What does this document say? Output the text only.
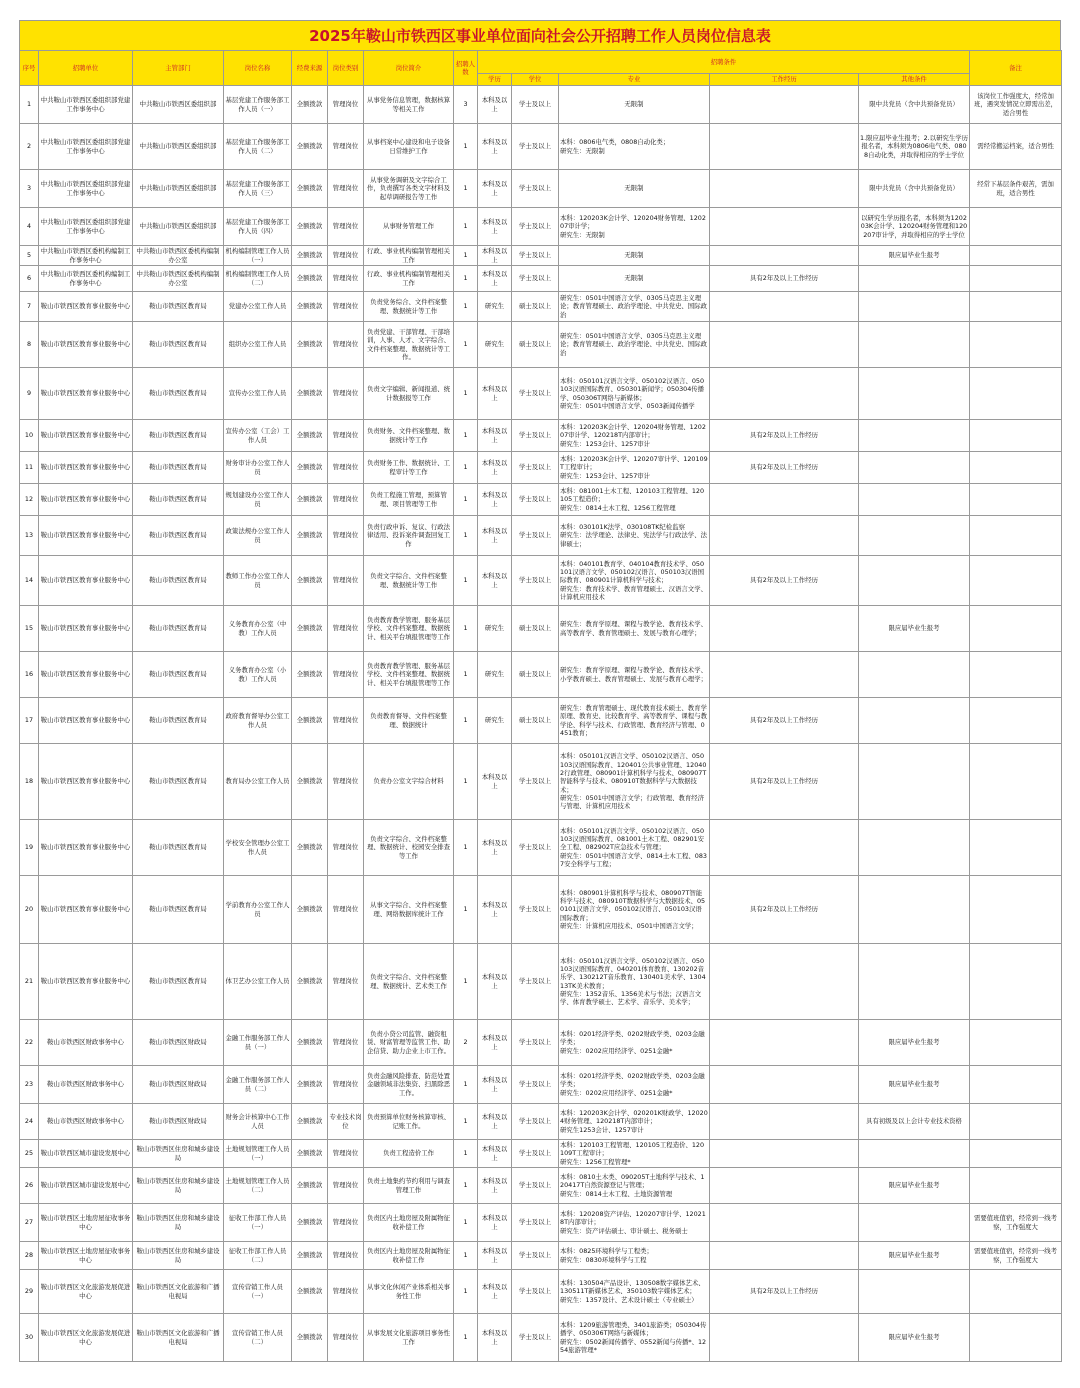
2025年鞍山市铁西区事业单位面向社会公开招聘工作人员岗位信息表
序号	招聘单位	主管部门	岗位名称	经费来源	岗位类别	岗位简介	招聘人数	招聘条件					备注
								学历	学位	专业	工作经历	其他条件	
1	中共鞍山市铁西区委组织部党建工作事务中心	中共鞍山市铁西区委组织部	基层党建工作服务部工作人员（一）	全额拨款	管理岗位	从事党务信息管理，数据核算等相关工作	3	本科及以上	学士及以上	无限制		限中共党员（含中共预备党员）	该岗位工作强度大，经常加班，遇突发情况立即需出差，适合男性
2	中共鞍山市铁西区委组织部党建工作事务中心	中共鞍山市铁西区委组织部	基层党建工作服务部工作人员（二）	全额拨款	管理岗位	从事档案中心建设和电子设备日常维护工作	1	本科及以上	学士及以上	本科：0806电气类，0808自动化类；
研究生：无限制		1.限应届毕业生报考；2.以研究生学历报名者，本科须为0806电气类、0808自动化类，并取得相应的学士学位	需经常搬运档案，适合男性
3	中共鞍山市铁西区委组织部党建工作事务中心	中共鞍山市铁西区委组织部	基层党建工作服务部工作人员（三）	全额拨款	管理岗位	从事党务调研及文字综合工作，负责撰写各类文字材料及起草调研报告等工作	1	本科及以上	学士及以上	无限制		限中共党员（含中共预备党员）	经常下基层条件艰苦，需加班，适合男性
4	中共鞍山市铁西区委组织部党建工作事务中心	中共鞍山市铁西区委组织部	基层党建工作服务部工作人员（四）	全额拨款	管理岗位	从事财务管理工作	1	本科及以上	学士及以上	本科：120203K会计学、120204财务管理、120207审计学；
研究生：无限制		以研究生学历报名者，本科须为120203K会计学、120204财务管理和120207审计学，并取得相应的学士学位	
5	中共鞍山市铁西区委机构编制工作事务中心	中共鞍山市铁西区委机构编制办公室	机构编制管理工作人员（一）	全额拨款	管理岗位	行政、事业机构编制管理相关工作	1	本科及以上	学士及以上	无限制		限应届毕业生报考	
6	中共鞍山市铁西区委机构编制工作事务中心	中共鞍山市铁西区委机构编制办公室	机构编制管理工作人员（二）	全额拨款	管理岗位	行政、事业机构编制管理相关工作	1	本科及以上	学士及以上	无限制	具有2年及以上工作经历		
7	鞍山市铁西区教育事业服务中心	鞍山市铁西区教育局	党建办公室工作人员	全额拨款	管理岗位	负责党务综合、文件档案整理、数据统计等工作	1	研究生	硕士及以上	研究生：0501中国语言文学、0305马克思主义理论；教育管理硕士、政治学理论、中共党史、国际政治			

8	鞍山市铁西区教育事业服务中心	鞍山市铁西区教育局	组织办公室工作人员	全额拨款	管理岗位	负责党建、干部管理、干部培训，人事、人才、文字综合、文件档案整理、数据统计等工作。	1	研究生	硕士及以上	研究生：0501中国语言文学、0305马克思主义理论；教育管理硕士、政治学理论、中共党史、国际政治			

9	鞍山市铁西区教育事业服务中心	鞍山市铁西区教育局	宣传办公室工作人员	全额拨款	管理岗位	负责文字编辑、新闻报道、统计数据报等工作	1	本科及以上	学士及以上	本科：050101汉语言文学、050102汉语言、050103汉语国际教育、050301新闻学；050304传播学、050306T网络与新媒体；
研究生：0501中国语言文学、0503新闻传播学			

10	鞍山市铁西区教育事业服务中心	鞍山市铁西区教育局	宣传办公室（工会）工作人员	全额拨款	管理岗位	负责财务、文件档案整理、数据统计等工作	1	本科及以上	学士及以上	本科：120203K会计学、120204财务管理、120207审计学、120218T内部审计；
研究生：1253会计、1257审计	具有2年及以上工作经历		
11	鞍山市铁西区教育事业服务中心	鞍山市铁西区教育局	财务审计办公室工作人员	全额拨款	管理岗位	负责财务工作、数据统计、工程审计等工作	1	本科及以上	学士及以上	本科：120203K会计学、120207审计学、120109T工程审计；
研究生：1253会计、1257审计	具有2年及以上工作经历		
12	鞍山市铁西区教育事业服务中心	鞍山市铁西区教育局	规划建设办公室工作人员	全额拨款	管理岗位	负责工程施工管理，预算管理、项目管理等工作	1	本科及以上	学士及以上	本科：081001土木工程、120103工程管理、120105工程造价；
研究生：0814土木工程、1256工程管理			

13	鞍山市铁西区教育事业服务中心	鞍山市铁西区教育局	政策法规办公室工作人员	全额拨款	管理岗位	负责行政申诉、复议、行政法律适用、投诉案件调查回复工作	1	本科及以上	学士及以上	本科：030101K法学、030108TK纪检监察
研究生：法学理论、法律史、宪法学与行政法学、法律硕士；			

14	鞍山市铁西区教育事业服务中心	鞍山市铁西区教育局	教师工作办公室工作人员	全额拨款	管理岗位	负责文字综合、文件档案整理、数据统计等工作	1	本科及以上	学士及以上	本科：040101教育学、040104教育技术学、050101汉语言文学、050102汉语言、050103汉语国际教育、080901计算机科学与技术；
研究生：教育技术学、教育管理硕士、汉语言文学、计算机应用技术	具有2年及以上工作经历		
15	鞍山市铁西区教育事业服务中心	鞍山市铁西区教育局	义务教育办公室（中教）工作人员	全额拨款	管理岗位	负责教育教学管理、服务基层学校、文件档案整理、数据统计、相关平台填报管理等工作	1	研究生	硕士及以上	研究生：教育学原理、课程与教学论、教育技术学、高等教育学、教育管理硕士、发展与教育心理学；		限应届毕业生报考	
16	鞍山市铁西区教育事业服务中心	鞍山市铁西区教育局	义务教育办公室（小教）工作人员	全额拨款	管理岗位	负责教育教学管理、服务基层学校、文件档案整理、数据统计、相关平台填报管理等工作	1	研究生	硕士及以上	研究生：教育学原理、课程与教学论、教育技术学、小学教育硕士、教育管理硕士、发展与教育心理学；			

17	鞍山市铁西区教育事业服务中心	鞍山市铁西区教育局	政府教育督导办公室工作人员	全额拨款	管理岗位	负责教育督导、文件档案整理、数据统计	1	研究生	硕士及以上	研究生：教育管理硕士、现代教育技术硕士、教育学原理、教育史、比较教育学、高等教育学、课程与教学论、科学与技术、行政管理、教育经济与管理、0451教育；	具有2年及以上工作经历		
18	鞍山市铁西区教育事业服务中心	鞍山市铁西区教育局	教育局办公室工作人员	全额拨款	管理岗位	负责办公室文字综合材料	1	本科及以上	学士及以上	本科：050101汉语言文学、050102汉语言、050103汉语国际教育、120401公共事业管理、120402行政管理、080901计算机科学与技术、080907T智能科学与技术、080910T数据科学与大数据技术；
研究生：0501中国语言文学；行政管理、教育经济与管理、计算机应用技术	具有2年及以上工作经历		
19	鞍山市铁西区教育事业服务中心	鞍山市铁西区教育局	学校安全管理办公室工作人员	全额拨款	管理岗位	负责文字综合、文件档案整理、数据统计、校园安全排查等工作	1	本科及以上	学士及以上	本科：050101汉语言文学、050102汉语言、050103汉语国际教育、081001土木工程、082901安全工程、082902T应急技术与管理；
研究生：0501中国语言文学、0814土木工程、0837安全科学与工程；			

20	鞍山市铁西区教育事业服务中心	鞍山市铁西区教育局	学前教育办公室工作人员	全额拨款	管理岗位	从事文字综合、文件档案整理、网络数据库统计工作	1	本科及以上	学士及以上	本科：080901计算机科学与技术、080907T智能科学与技术、080910T数据科学与大数据技术、050101汉语言文学、050102汉语言、050103汉语国际教育；
研究生：计算机应用技术、0501中国语言文学；	具有2年及以上工作经历		
21	鞍山市铁西区教育事业服务中心	鞍山市铁西区教育局	体卫艺办公室工作人员	全额拨款	管理岗位	负责文字综合、文件档案整理、数据统计、艺术类工作	1	本科及以上	学士及以上	本科：050101汉语言文学、050102汉语言、050103汉语国际教育、040201体育教育、130202音乐学、130212T音乐教育、130401美术学、130413TK美术教育；
研究生：1352音乐、1356美术与书法；汉语言文学、体育教学硕士、艺术学、音乐学、美术学；			

22	鞍山市铁西区财政事务中心	鞍山市铁西区财政局	金融工作服务部工作人员（一）	全额拨款	管理岗位	负责小贷公司监管、融资租赁、财富管理等监管工作、助企信贷、助力企业上市工作。	2	本科及以上	学士及以上	本科：0201经济学类、0202财政学类、0203金融学类；
研究生：0202应用经济学、0251金融*		限应届毕业生报考	
23	鞍山市铁西区财政事务中心	鞍山市铁西区财政局	金融工作服务部工作人员（二）	全额拨款	管理岗位	负责金融风险排查、防范处置金融领域非法集资、扫黑除恶工作。	1	本科及以上	学士及以上	本科：0201经济学类、0202财政学类、0203金融学类；
研究生：0202应用经济学、0251金融*		限应届毕业生报考	
24	鞍山市铁西区财政事务中心	鞍山市铁西区财政局	财务会计核算中心工作人员	全额拨款	专业技术岗位	负责预算单位财务核算审核、记账工作。	1	本科及以上	学士及以上	本科：120203K会计学、020201K财政学、120204财务管理、120218T内部审计；
研究生1253会计、1257审计		具有初级及以上会计专业技术资格	
25	鞍山市铁西区城市建设发展中心	鞍山市铁西区住房和城乡建设局	土地规划管理工作人员（一）	全额拨款	管理岗位	负责工程造价工作	1	本科及以上	学士及以上	本科：120103工程管理、120105工程造价、120109T工程审计；
研究生：1256工程管理*			

26	鞍山市铁西区城市建设发展中心	鞍山市铁西区住房和城乡建设局	土地规划管理工作人员（二）	全额拨款	管理岗位	负责土地集约节约利用与调查管理工作	1	本科及以上	学士及以上	本科：0810土木类、090205T土地科学与技术、120417T自然资源登记与管理；
研究生：0814土木工程、土地资源管理		限应届毕业生报考	
27	鞍山市铁西区土地房屋征收事务中心	鞍山市铁西区住房和城乡建设局	征收工作部工作人员（一）	全额拨款	管理岗位	负责区内土地房屋及附属物征收补偿工作	1	本科及以上	学士及以上	本科：120208资产评估、120207审计学、120218T内部审计；
研究生：资产评估硕士、审计硕士、税务硕士			需要值班值宿，经常到一线考察，工作强度大
28	鞍山市铁西区土地房屋征收事务中心	鞍山市铁西区住房和城乡建设局	征收工作部工作人员（二）	全额拨款	管理岗位	负责区内土地房屋及附属物征收补偿工作	1	本科及以上	学士及以上	本科：0825环境科学与工程类；
研究生：0830环境科学与工程		限应届毕业生报考	需要值班值宿，经常到一线考察，工作强度大
29	鞍山市铁西区文化旅游发展促进中心	鞍山市铁西区文化旅游和广播电视局	宣传营销工作人员（一）	全额拨款	管理岗位	从事文化休闲产业体系相关事务性工作	1	本科及以上	学士及以上	本科：130504产品设计、130508数字媒体艺术、130511T新媒体艺术、350103数字媒体艺术；
研究生：1357设计、艺术设计硕士（专业硕士）	具有2年及以上工作经历		
30	鞍山市铁西区文化旅游发展促进中心	鞍山市铁西区文化旅游和广播电视局	宣传营销工作人员（二）	全额拨款	管理岗位	从事发展文化旅游项目事务性工作	1	本科及以上	学士及以上	本科：1209旅游管理类、3401旅游类；050304传播学、050306T网络与新媒体；
研究生：0502新闻传播学、0552新闻与传播*、1254旅游管理*		限应届毕业生报考	
